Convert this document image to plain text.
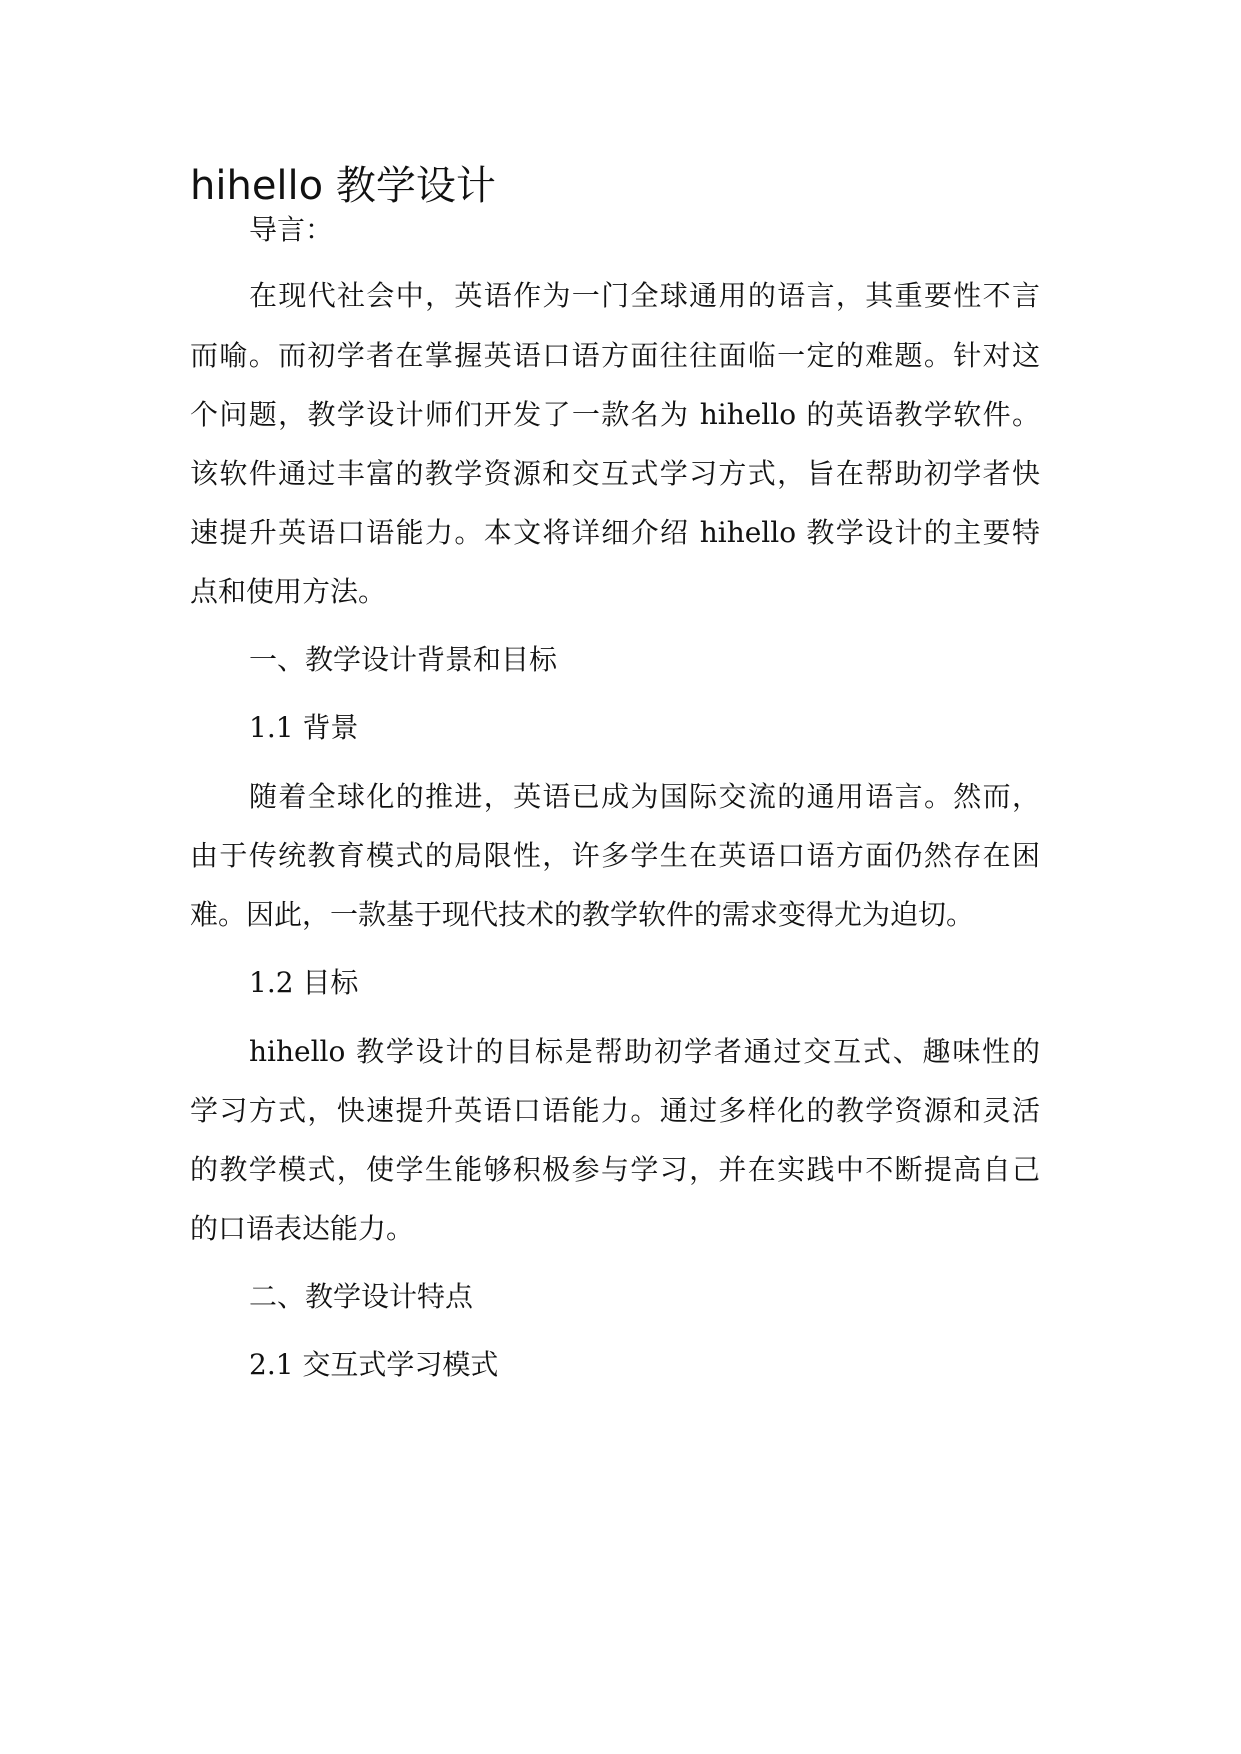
hihello 教学设计

导言：

在现代社会中，英语作为一门全球通用的语言，其重要性不言

而喻。而初学者在掌握英语口语方面往往面临一定的难题。针对这

个问题，教学设计师们开发了一款名为 hihello 的英语教学软件。

该软件通过丰富的教学资源和交互式学习方式，旨在帮助初学者快

速提升英语口语能力。本文将详细介绍 hihello 教学设计的主要特

点和使用方法。

一、教学设计背景和目标

1.1 背景

随着全球化的推进，英语已成为国际交流的通用语言。然而，

由于传统教育模式的局限性，许多学生在英语口语方面仍然存在困

难。因此，一款基于现代技术的教学软件的需求变得尤为迫切。

1.2 目标

hihello 教学设计的目标是帮助初学者通过交互式、趣味性的

学习方式，快速提升英语口语能力。通过多样化的教学资源和灵活

的教学模式，使学生能够积极参与学习，并在实践中不断提高自己

的口语表达能力。

二、教学设计特点

2.1 交互式学习模式
